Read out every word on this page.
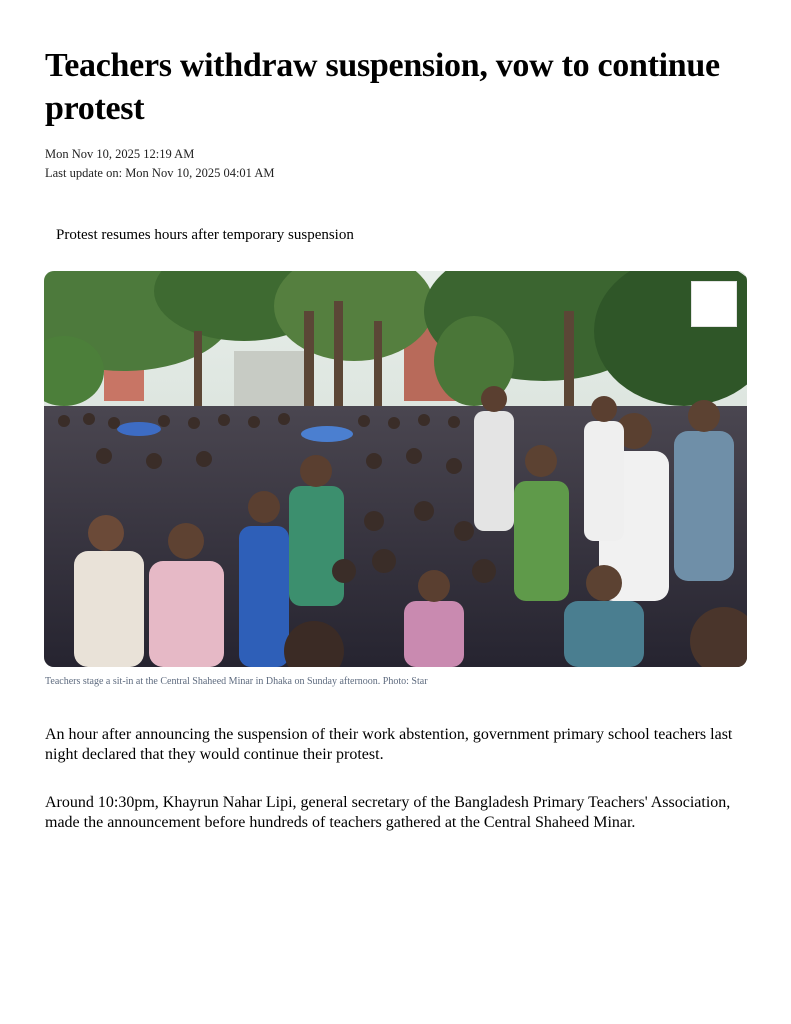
Teachers withdraw suspension, vow to continue protest
Mon Nov 10, 2025 12:19 AM
Last update on: Mon Nov 10, 2025 04:01 AM
Protest resumes hours after temporary suspension
Teachers stage a sit-in at the Central Shaheed Minar in Dhaka on Sunday afternoon. Photo: Star

An hour after announcing the suspension of their work abstention, government primary school teachers last night declared that they would continue their protest.

Around 10:30pm, Khayrun Nahar Lipi, general secretary of the Bangladesh Primary Teachers' Association, made the announcement before hundreds of teachers gathered at the Central Shaheed Minar.
